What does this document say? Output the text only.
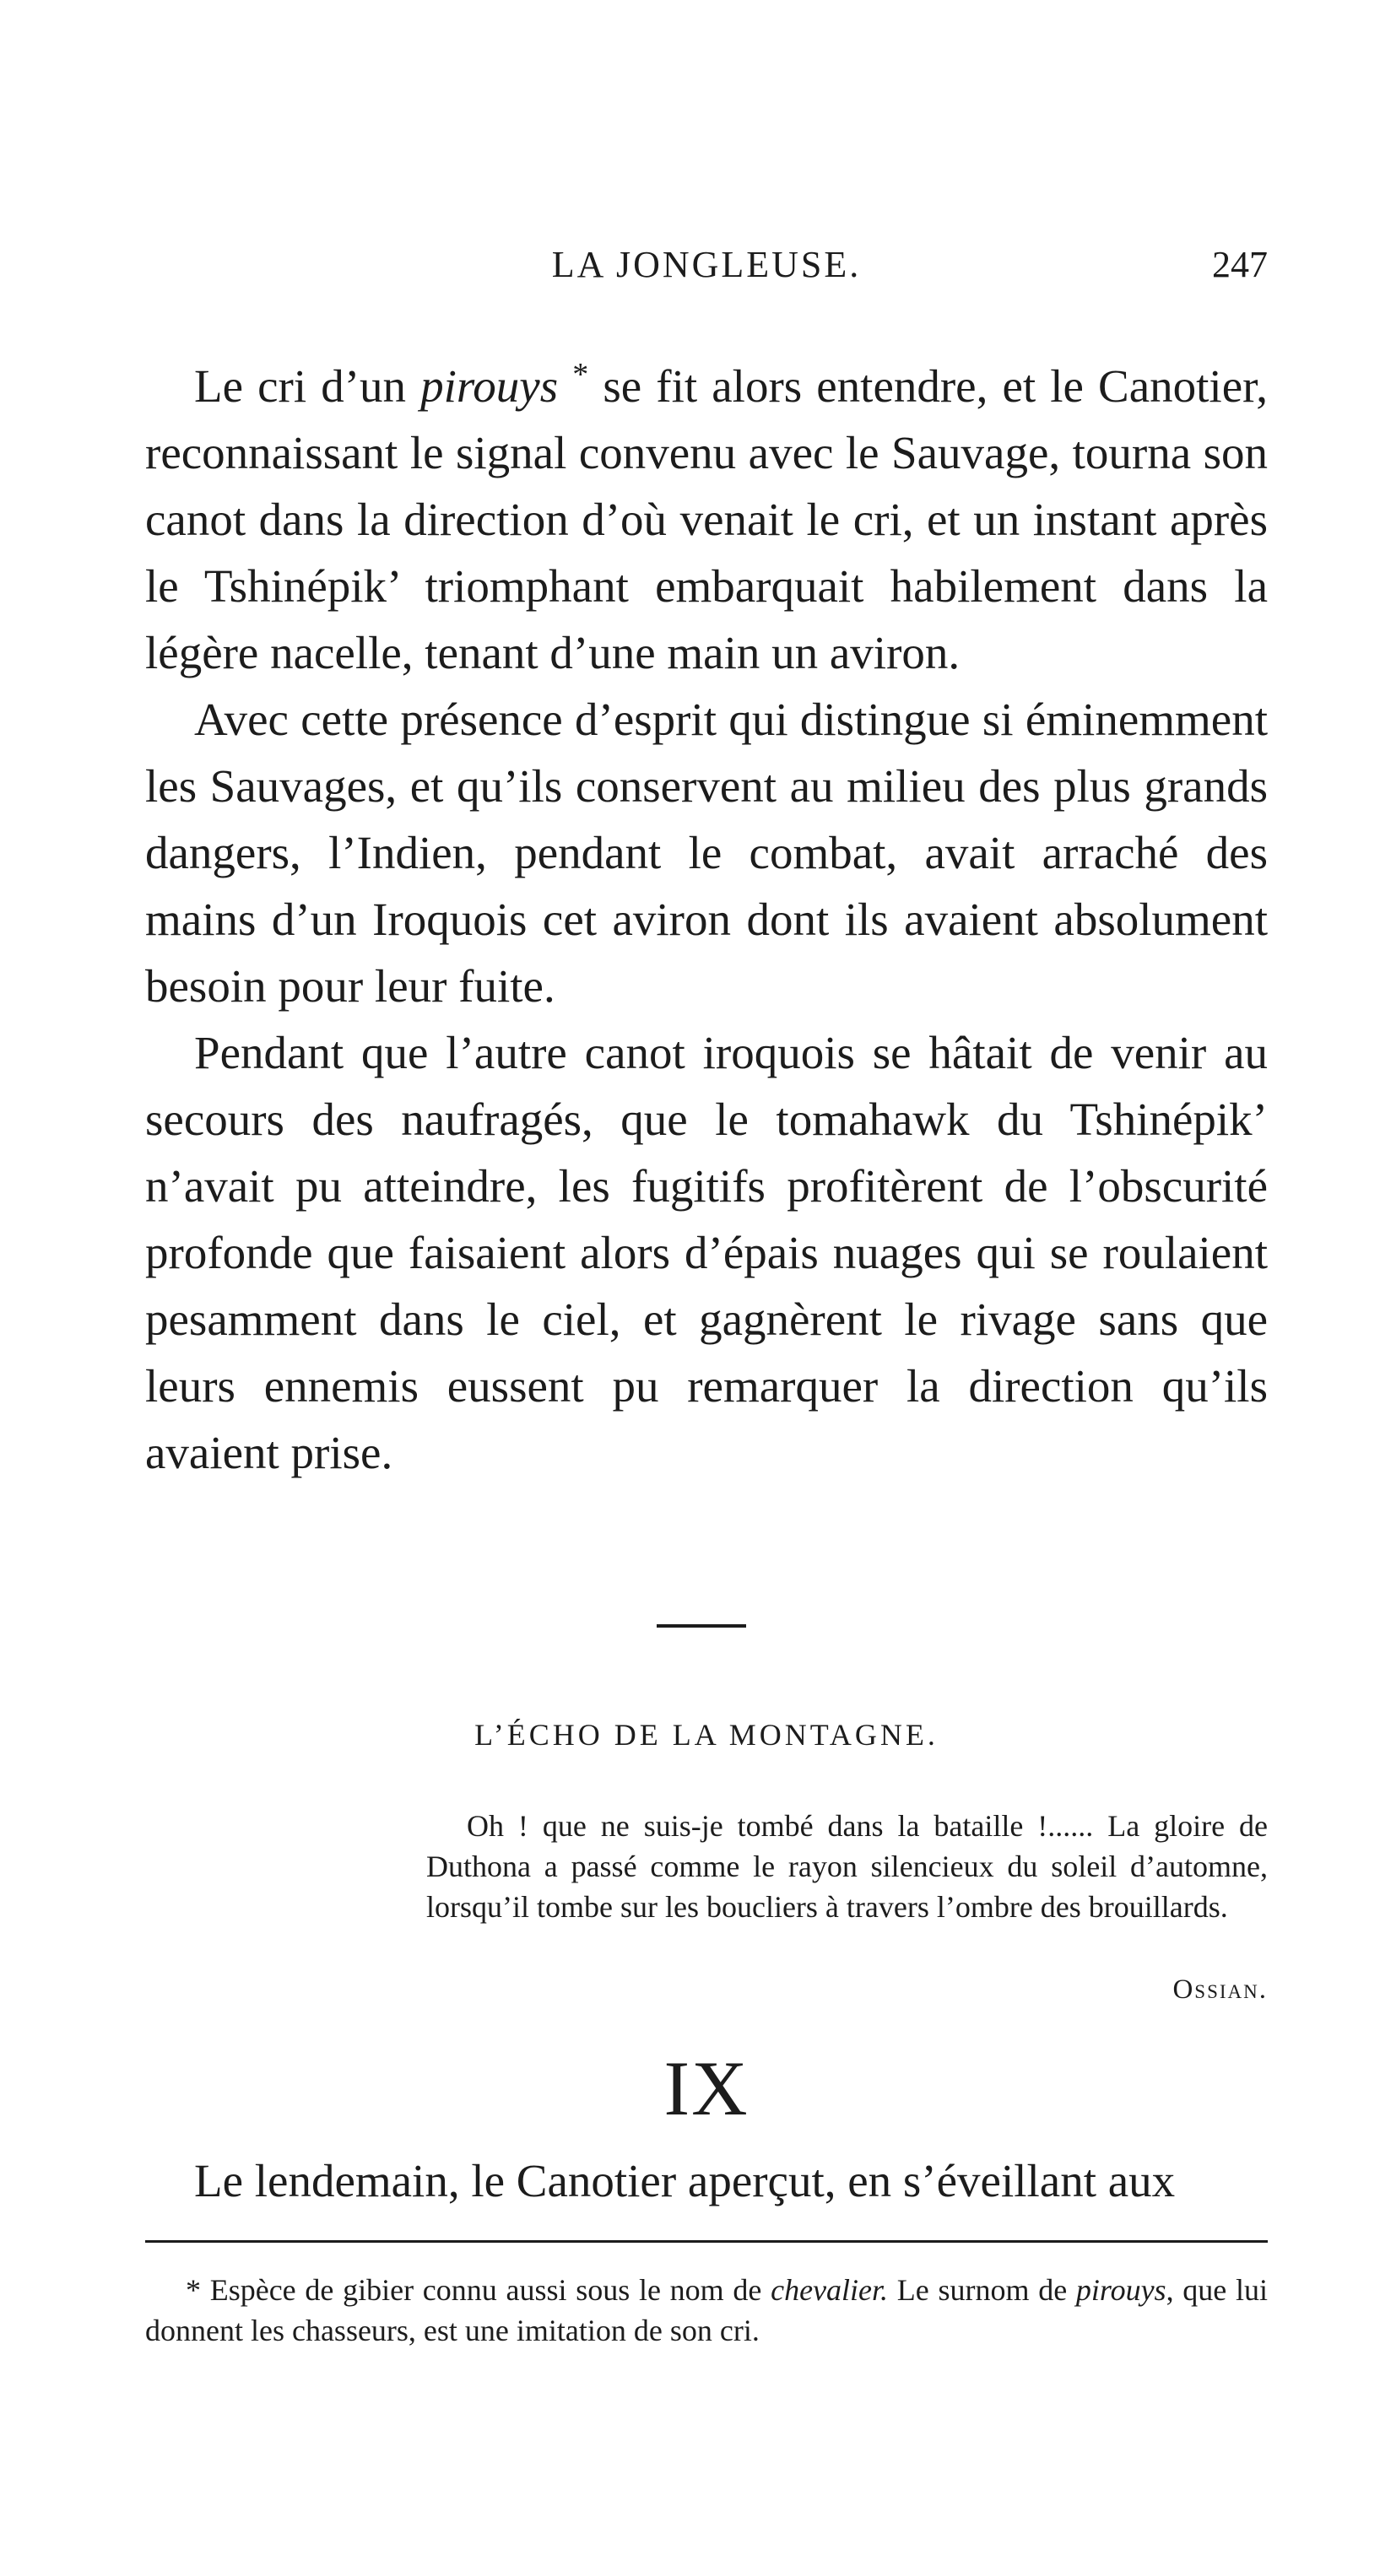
LA JONGLEUSE.	247

Le cri d’un pirouys * se fit alors entendre, et le Canotier, reconnaissant le signal convenu avec le Sauvage, tourna son canot dans la direction d’où venait le cri, et un instant après le Tshinépik’ triomphant embarquait habilement dans la légère nacelle, tenant d’une main un aviron.

Avec cette présence d’esprit qui distingue si éminemment les Sauvages, et qu’ils conservent au milieu des plus grands dangers, l’Indien, pendant le combat, avait arraché des mains d’un Iroquois cet aviron dont ils avaient absolument besoin pour leur fuite.

Pendant que l’autre canot iroquois se hâtait de venir au secours des naufragés, que le tomahawk du Tshinépik’ n’avait pu atteindre, les fugitifs profitèrent de l’obscurité profonde que faisaient alors d’épais nuages qui se roulaient pesamment dans le ciel, et gagnèrent le rivage sans que leurs ennemis eussent pu remarquer la direction qu’ils avaient prise.

L’ÉCHO DE LA MONTAGNE.

Oh ! que ne suis-je tombé dans la bataille !...... La gloire de Duthona a passé comme le rayon silencieux du soleil d’automne, lorsqu’il tombe sur les boucliers à travers l’ombre des brouillards.

Ossian.
IX

Le lendemain, le Canotier aperçut, en s’éveillant aux

* Espèce de gibier connu aussi sous le nom de chevalier. Le surnom de pirouys, que lui donnent les chasseurs, est une imitation de son cri.
